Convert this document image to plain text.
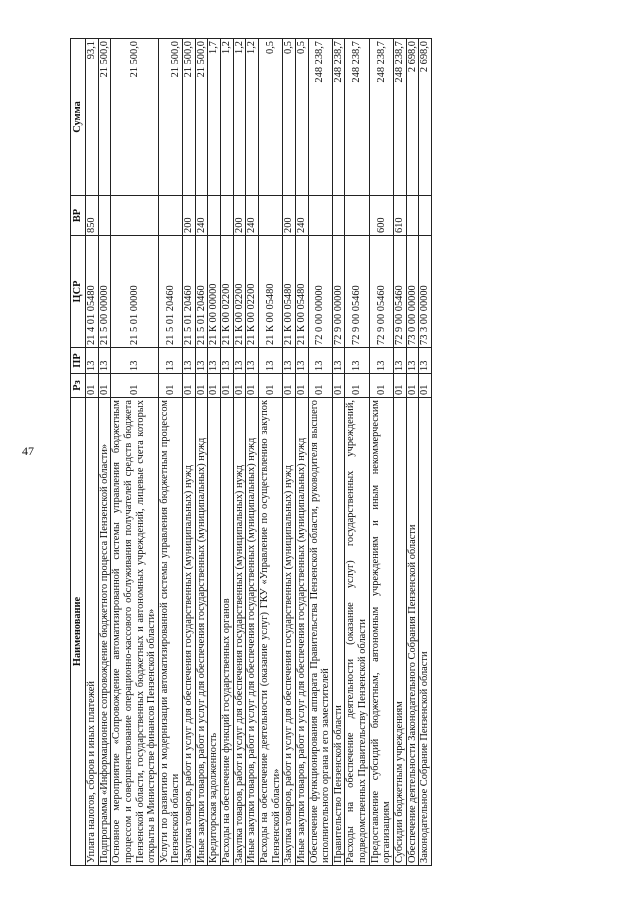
47
Наименование	Рз	ПР	ЦСР	ВР	Сумма
Уплата налогов, сборов и иных платежей	01	13	21 4 01 05480	850	93,1
Подпрограмма «Информационное сопровождение бюджетного процесса Пензенской области»	01	13	21 5 00 00000		21 500,0
Основное мероприятие «Сопровождение автоматизированной системы управления бюджетным процессом и совершенствование операционно-кассового обслуживания получателей средств бюджета Пензенской области, государственных бюджетных и автономных учреждений, лицевые счета которых открыты в Министерстве финансов Пензенской области»	01	13	21 5 01 00000		21 500,0
Услуги по развитию и модернизации автоматизированной системы управления бюджетным процессом Пензенской области	01	13	21 5 01 20460		21 500,0
Закупка товаров, работ и услуг для обеспечения государственных (муниципальных) нужд	01	13	21 5 01 20460	200	21 500,0
Иные закупки товаров, работ и услуг для обеспечения государственных (муниципальных) нужд	01	13	21 5 01 20460	240	21 500,0
Кредиторская задолженность	01	13	21 К 00 00000		1,7
Расходы на обеспечение функций государственных органов	01	13	21 К 00 02200		1,2
Закупка товаров, работ и услуг для обеспечения государственных (муниципальных) нужд	01	13	21 К 00 02200	200	1,2
Иные закупки товаров, работ и услуг для обеспечения государственных (муниципальных) нужд	01	13	21 К 00 02200	240	1,2
Расходы на обеспечение деятельности (оказание услуг) ГКУ «Управление по осуществлению закупок Пензенской области»	01	13	21 К 00 05480		0,5
Закупка товаров, работ и услуг для обеспечения государственных (муниципальных) нужд	01	13	21 К 00 05480	200	0,5
Иные закупки товаров, работ и услуг для обеспечения государственных (муниципальных) нужд	01	13	21 К 00 05480	240	0,5
Обеспечение функционирования аппарата Правительства Пензенской области, руководителя высшего исполнительного органа и его заместителей	01	13	72 0 00 00000		248 238,7
Правительство Пензенской области	01	13	72 9 00 00000		248 238,7
Расходы на обеспечение деятельности (оказание услуг) государственных учреждений, подведомственных Правительству Пензенской области	01	13	72 9 00 05460		248 238,7
Предоставление субсидий бюджетным, автономным учреждениям и иным некоммерческим организациям	01	13	72 9 00 05460	600	248 238,7
Субсидии бюджетным учреждениям	01	13	72 9 00 05460	610	248 238,7
Обеспечение деятельности Законодательного Собрания Пензенской области	01	13	73 0 00 00000		2 698,0
Законодательное Собрание Пензенской области	01	13	73 3 00 00000		2 698,0
